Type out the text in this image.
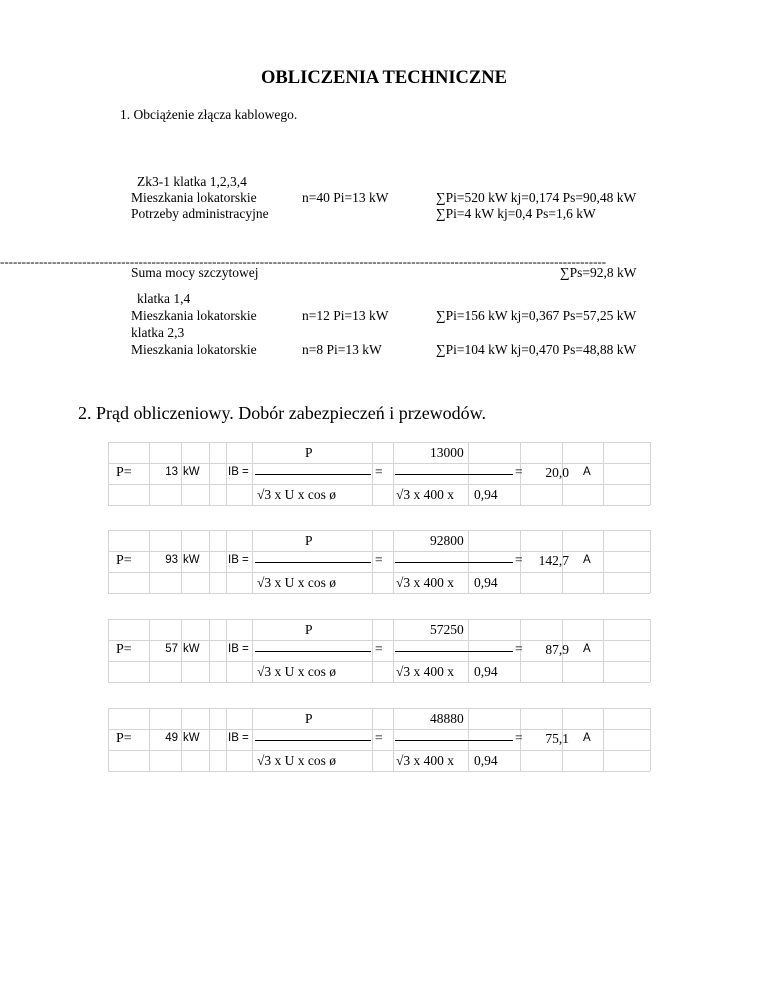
OBLICZENIA TECHNICZNE
1. Obciążenie złącza kablowego.
Zk3-1 klatka 1,2,3,4
Mieszkania lokatorskie	n=40 Pi=13 kW	∑Pi=520 kW kj=0,174 Ps=90,48 kW
Potrzeby administracyjne	∑Pi=4 kW kj=0,4 Ps=1,6 kW
--------------------------------------------------------------------------------------------------------------------------------------------
Suma mocy szczytowej	∑Ps=92,8 kW
klatka 1,4
Mieszkania lokatorskie	n=12 Pi=13 kW	∑Pi=156 kW kj=0,367 Ps=57,25 kW
klatka 2,3
Mieszkania lokatorskie	n=8 Pi=13 kW	∑Pi=104 kW kj=0,470 Ps=48,88 kW
2. Prąd obliczeniowy. Dobór zabezpieczeń i przewodów.
P	13000
P=	13 kW IB =	=	=	20,0 A
√3 x U x cos ø	√3 x 400 x 0,94
P	92800
P=	93 kW IB =	=	=	142,7 A
√3 x U x cos ø	√3 x 400 x 0,94
P	57250
P=	57 kW IB =	=	=	87,9 A
√3 x U x cos ø	√3 x 400 x 0,94
P	48880
P=	49 kW IB =	=	=	75,1 A
√3 x U x cos ø	√3 x 400 x 0,94
